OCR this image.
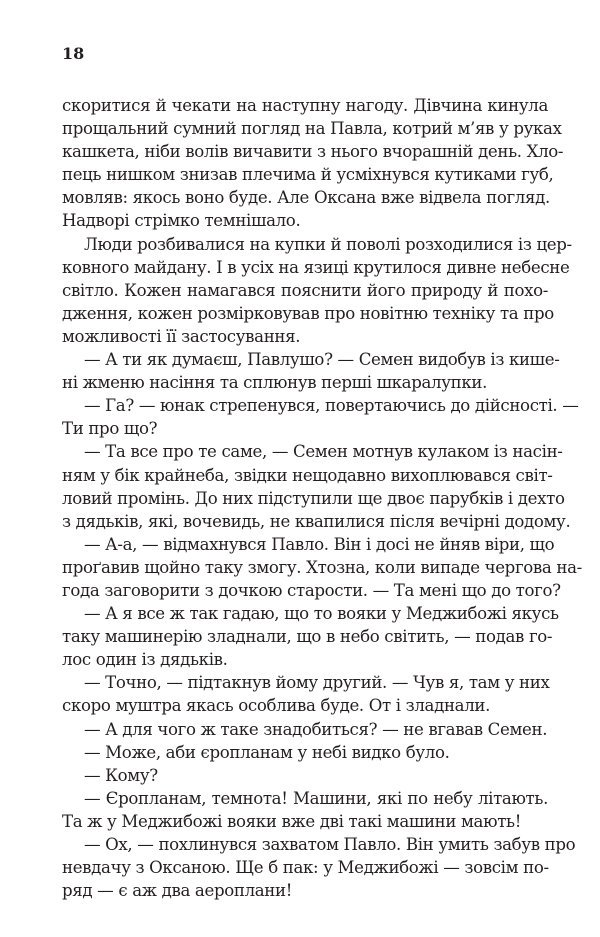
18
скоритися й чекати на наступну нагоду. Дівчина кинула
прощальний сумний погляд на Павла, котрий м’яв у руках
кашкета, ніби волів вичавити з нього вчорашній день. Хло-
пець нишком знизав плечима й усміхнувся кутиками губ,
мовляв: якось воно буде. Але Оксана вже відвела погляд.
Надворі стрімко темнішало.
Люди розбивалися на купки й поволі розходилися із цер-
ковного майдану. І в усіх на язиці крутилося дивне небесне
світло. Кожен намагався пояснити його природу й похо-
дження, кожен розмірковував про новітню техніку та про
можливості її застосування.
— А ти як думаєш, Павлушо? — Семен видобув із кише-
ні жменю насіння та сплюнув перші шкаралупки.
— Га? — юнак стрепенувся, повертаючись до дійсності. —
Ти про що?
— Та все про те саме, — Семен мотнув кулаком із насін-
ням у бік крайнеба, звідки нещодавно вихоплювався світ-
ловий промінь. До них підступили ще двоє парубків і дехто
з дядьків, які, вочевидь, не квапилися після вечірні додому.
— А-а, — відмахнувся Павло. Він і досі не йняв віри, що
проґавив щойно таку змогу. Хтозна, коли випаде чергова на-
года заговорити з дочкою старости. — Та мені що до того?
— А я все ж так гадаю, що то вояки у Меджибожі якусь
таку машинерію зладнали, що в небо світить, — подав го-
лос один із дядьків.
— Точно, — підтакнув йому другий. — Чув я, там у них
скоро муштра якась особлива буде. От і зладнали.
— А для чого ж таке знадобиться? — не вгавав Семен.
— Може, аби єропланам у небі видко було.
— Кому?
— Єропланам, темнота! Машини, які по небу літають.
Та ж у Меджибожі вояки вже дві такі машини мають!
— Ох, — похлинувся захватом Павло. Він умить забув про
невдачу з Оксаною. Ще б пак: у Меджибожі — зовсім по-
ряд — є аж два аероплани!
